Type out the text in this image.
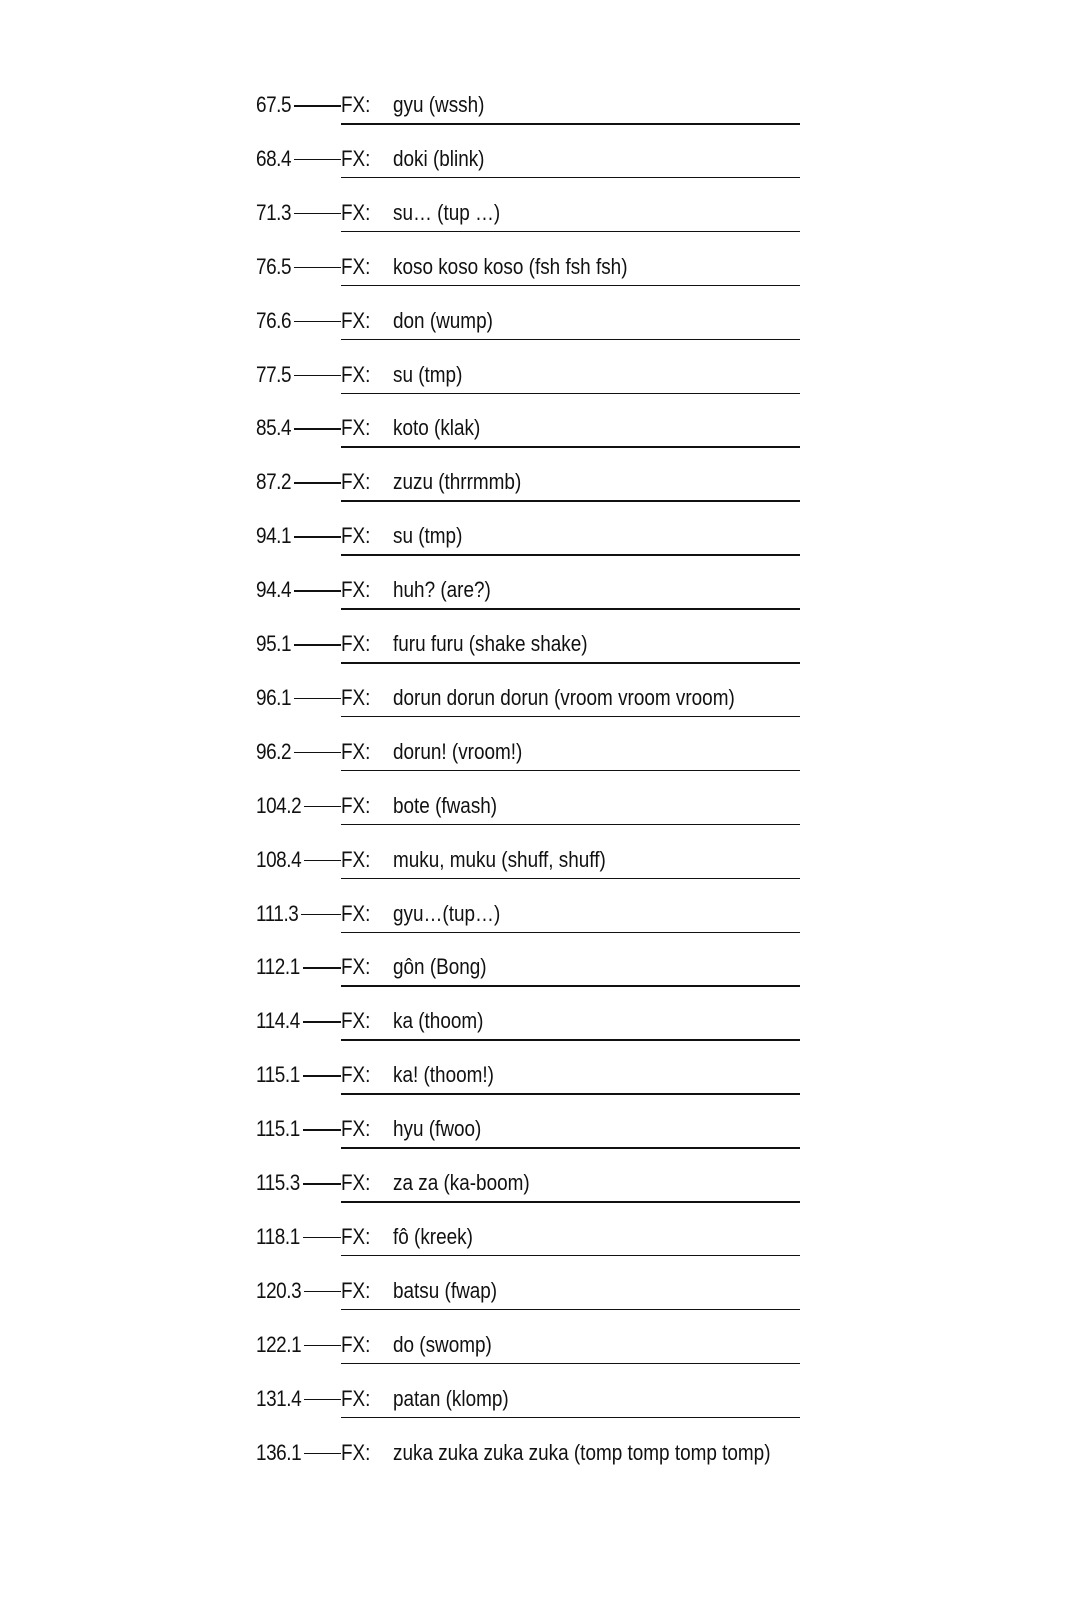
67.5 FX: gyu (wssh)
68.4 FX: doki (blink)
71.3 FX: su… (tup …)
76.5 FX: koso koso koso (fsh fsh fsh)
76.6 FX: don (wump)
77.5 FX: su (tmp)
85.4 FX: koto (klak)
87.2 FX: zuzu (thrrmmb)
94.1 FX: su (tmp)
94.4 FX: huh? (are?)
95.1 FX: furu furu (shake shake)
96.1 FX: dorun dorun dorun (vroom vroom vroom)
96.2 FX: dorun! (vroom!)
104.2 FX: bote (fwash)
108.4 FX: muku, muku (shuff, shuff)
111.3 FX: gyu…(tup…)
112.1 FX: gôn (Bong)
114.4 FX: ka (thoom)
115.1 FX: ka! (thoom!)
115.1 FX: hyu (fwoo)
115.3 FX: za za (ka-boom)
118.1 FX: fô (kreek)
120.3 FX: batsu (fwap)
122.1 FX: do (swomp)
131.4 FX: patan (klomp)
136.1 FX: zuka zuka zuka zuka (tomp tomp tomp tomp)
